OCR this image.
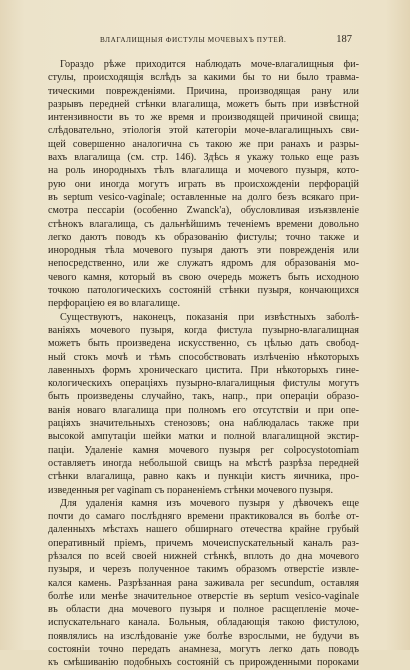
ВЛАГАЛИЩНЫЯ ФИСТУЛЫ МОЧЕВЫХЪ ПУТЕЙ.	187
Гораздо рѣже приходится наблюдать моче-влагалищныя фи-
стулы, происходящія вслѣдъ за какими бы то ни было травма-
тическими поврежденіями. Причина, производящая рану или
разрывъ передней стѣнки влагалища, можетъ быть при извѣстной
интензивности въ то же время и производящей причиной свища;
слѣдовательно, этіологія этой категоріи моче-влагалищныхъ сви-
щей совершенно аналогична съ такою же при ранахъ и разры-
вахъ влагалища (см. стр. 146). Здѣсь я укажу только еще разъ
на роль инородныхъ тѣлъ влагалища и мочевого пузыря, кото-
рую они иногда могутъ играть въ происхожденіи перфорацій
въ septum vesico-vaginale; оставленные на долго безъ всякаго при-
смотра пессаріи (особенно Zwanck'а), обусловливая изъязвленіе
стѣнокъ влагалища, съ дальнѣйшимъ теченіемъ времени довольно
легко даютъ поводъ къ образованію фистулы; точно также и
инородныя тѣла мочевого пузыря даютъ эти поврежденія или
непосредственно, или же служатъ ядромъ для образованія мо-
чевого камня, который въ свою очередь можетъ быть исходною
точкою патологическихъ состояній стѣнки пузыря, кончающихся
перфораціею ея во влагалище.
Существуютъ, наконецъ, показанія при извѣстныхъ заболѣ-
ваніяхъ мочевого пузыря, когда фистула пузырно-влагалищная
можетъ быть произведена искусственно, съ цѣлью дать свобод-
ный стокъ мочѣ и тѣмъ способствовать излѣченію нѣкоторыхъ
лавенныхъ формъ хроническаго цистита. При нѣкоторыхъ гине-
кологическихъ операціяхъ пузырно-влагалищныя фистулы могутъ
быть произведены случайно, такъ, напр., при операціи образо-
ванія новаго влагалища при полномъ его отсутствіи и при опе-
раціяхъ значительныхъ стенозовъ; она наблюдалась также при
высокой ампутаціи шейки матки и полной влагалищной экстир-
паціи. Удаленіе камня мочевого пузыря per colpocystotomiam
оставляетъ иногда небольшой свищъ на мѣстѣ разрѣза передней
стѣнки влагалища, равно какъ и пункціи кистъ яичника, про-
изведенныя per vaginam съ пораненіемъ стѣнки мочевого пузыря.
Для удаленія камня изъ мочевого пузыря у дѣвочекъ еще
почти до самаго послѣдняго времени практиковался въ болѣе от-
даленныхъ мѣстахъ нашего обширнаго отечества крайне грубый
оперативный пріемъ, причемъ мочеиспускательный каналъ раз-
рѣзался по всей своей нижней стѣнкѣ, вплоть до дна мочевого
пузыря, и черезъ полученное такимъ образомъ отверстіе извле-
кался камень. Разрѣзанная рана заживала per secundum, оставляя
болѣе или менѣе значительное отверстіе въ septum vesico-vaginale
въ области дна мочевого пузыря и полное расщепленіе моче-
испускательнаго канала. Больныя, обладающія такою фистулою,
появлялись на изслѣдованіе уже болѣе взрослыми, не будучи въ
состояніи точно передать анамнеза, могутъ легко дать поводъ
къ смѣшиванію подобныхъ состояній съ прирожденными пороками
